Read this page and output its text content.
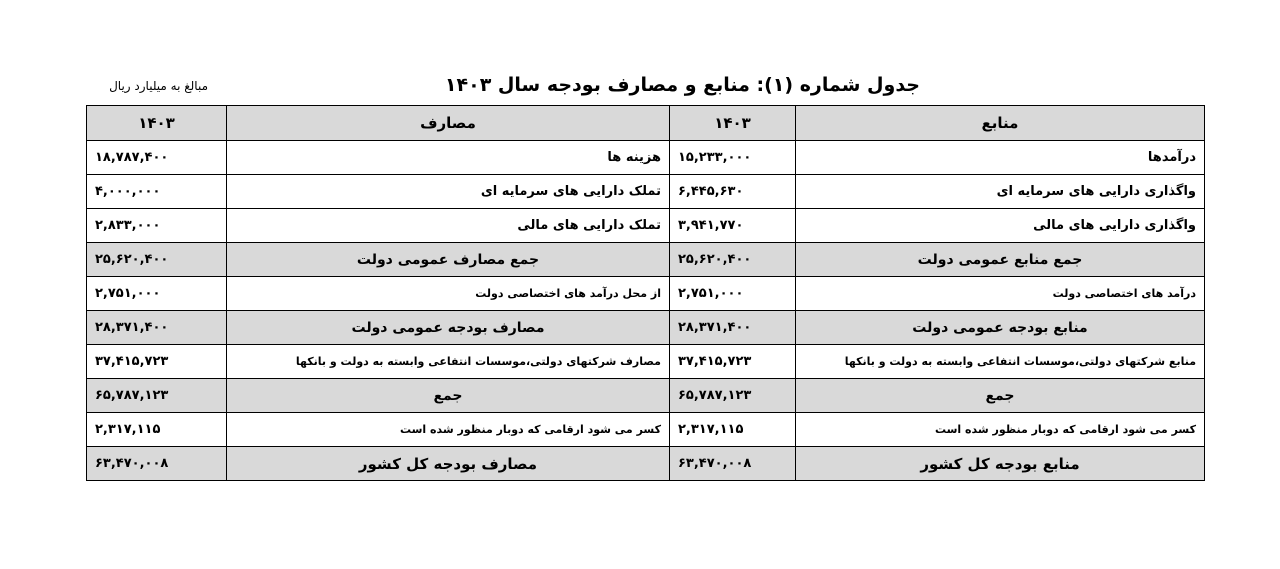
جدول شماره (۱): منابع و مصارف بودجه سال ۱۴۰۳
مبالغ به میلیارد ریال
۱۴۰۳	مصارف	۱۴۰۳	منابع
۱۸,۷۸۷,۴۰۰	هزینه ها	۱۵,۲۳۳,۰۰۰	درآمدها
۴,۰۰۰,۰۰۰	تملک دارایی های سرمایه ای	۶,۴۴۵,۶۳۰	واگذاری دارایی های سرمایه ای
۲,۸۳۳,۰۰۰	تملک دارایی های مالی	۳,۹۴۱,۷۷۰	واگذاری دارایی های مالی
۲۵,۶۲۰,۴۰۰	جمع مصارف عمومی دولت	۲۵,۶۲۰,۴۰۰	جمع منابع عمومی دولت
۲,۷۵۱,۰۰۰	از محل درآمد های اختصاصی دولت	۲,۷۵۱,۰۰۰	درآمد های اختصاصی دولت
۲۸,۳۷۱,۴۰۰	مصارف بودجه عمومی دولت	۲۸,۳۷۱,۴۰۰	منابع بودجه عمومی دولت
۳۷,۴۱۵,۷۲۳	مصارف شرکتهای دولتی،موسسات انتفاعی وابسته به دولت و بانکها	۳۷,۴۱۵,۷۲۳	منابع شرکتهای دولتی،موسسات انتفاعی وابسته به دولت و بانکها
۶۵,۷۸۷,۱۲۳	جمع	۶۵,۷۸۷,۱۲۳	جمع
۲,۳۱۷,۱۱۵	کسر می شود ارقامی که دوبار منظور شده است	۲,۳۱۷,۱۱۵	کسر می شود ارقامی که دوبار منظور شده است
۶۳,۴۷۰,۰۰۸	مصارف بودجه کل کشور	۶۳,۴۷۰,۰۰۸	منابع بودجه کل کشور
